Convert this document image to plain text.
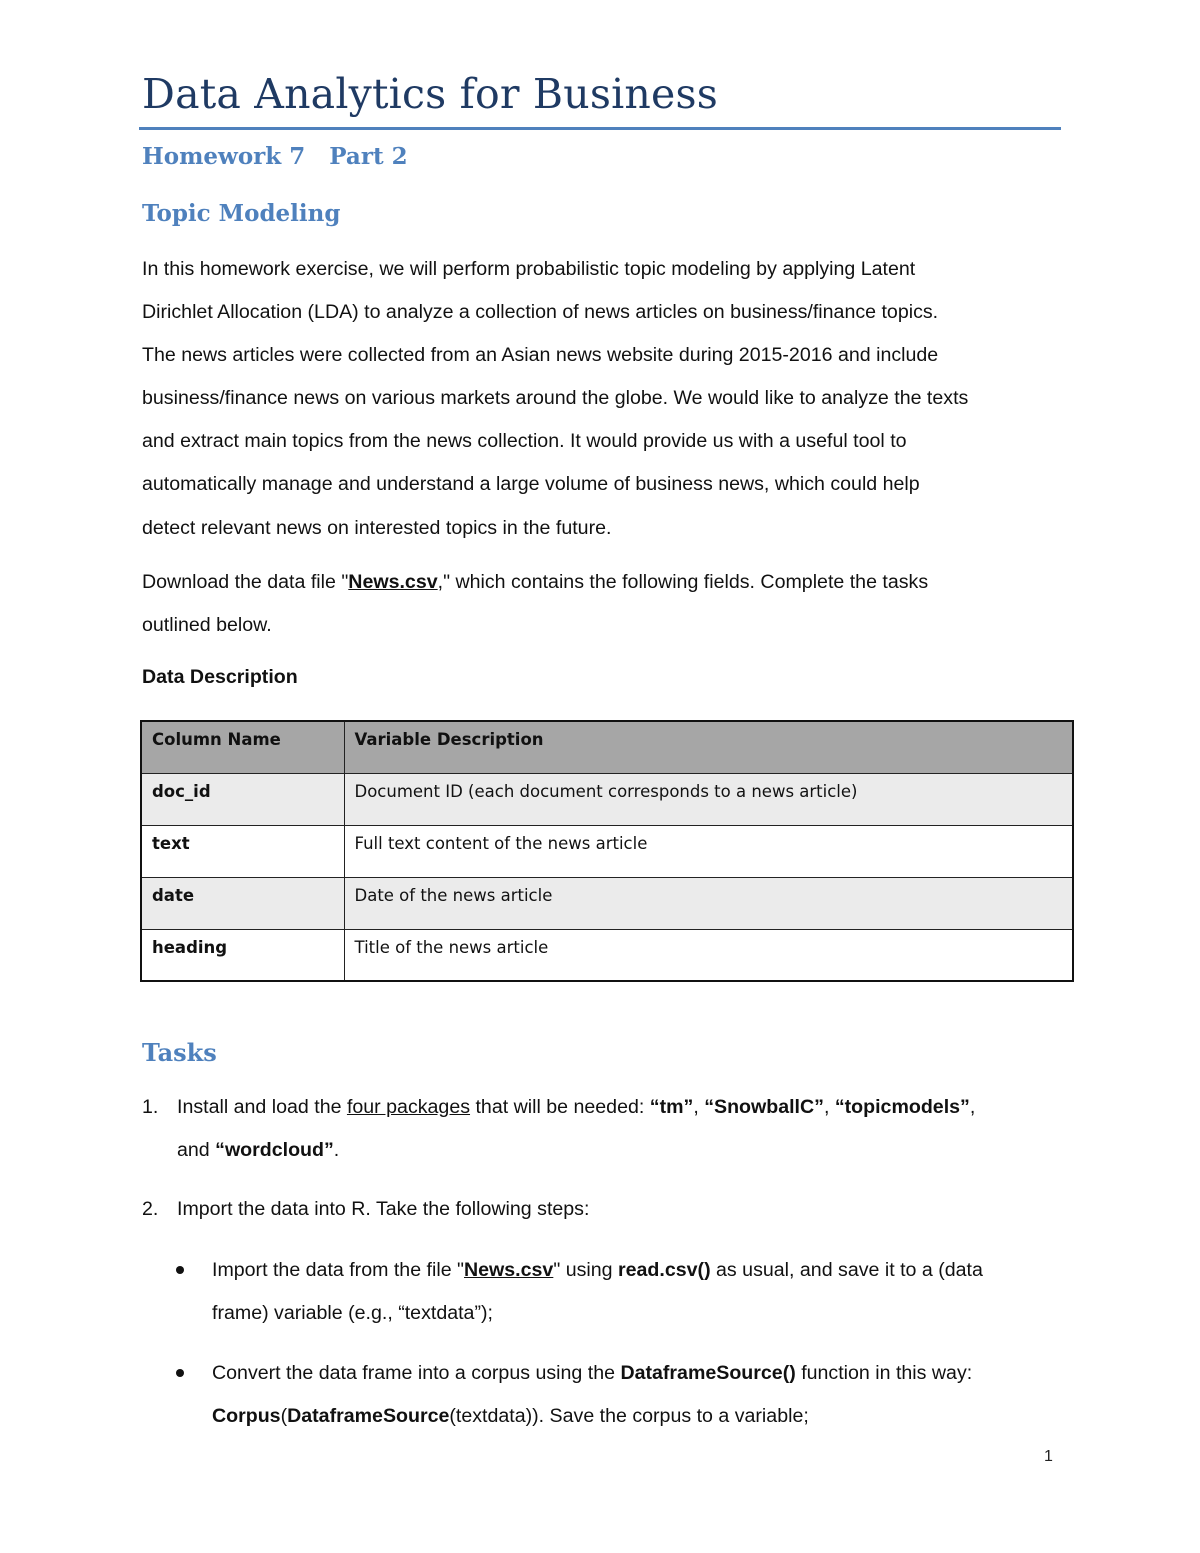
Data Analytics for Business
Homework 7 Part 2
Topic Modeling
In this homework exercise, we will perform probabilistic topic modeling by applying Latent
Dirichlet Allocation (LDA) to analyze a collection of news articles on business/finance topics.
The news articles were collected from an Asian news website during 2015-2016 and include
business/finance news on various markets around the globe. We would like to analyze the texts
and extract main topics from the news collection. It would provide us with a useful tool to
automatically manage and understand a large volume of business news, which could help
detect relevant news on interested topics in the future.
Download the data file "News.csv," which contains the following fields. Complete the tasks
outlined below.
Data Description
Column Name	Variable Description
doc_id	Document ID (each document corresponds to a news article)
text	Full text content of the news article
date	Date of the news article
heading	Title of the news article
Tasks
1. Install and load the four packages that will be needed: “tm”, “SnowballC”, “topicmodels”,
and “wordcloud”.
2. Import the data into R. Take the following steps:
Import the data from the file "News.csv" using read.csv() as usual, and save it to a (data
frame) variable (e.g., “textdata”);
Convert the data frame into a corpus using the DataframeSource() function in this way:
Corpus(DataframeSource(textdata)). Save the corpus to a variable;
1
